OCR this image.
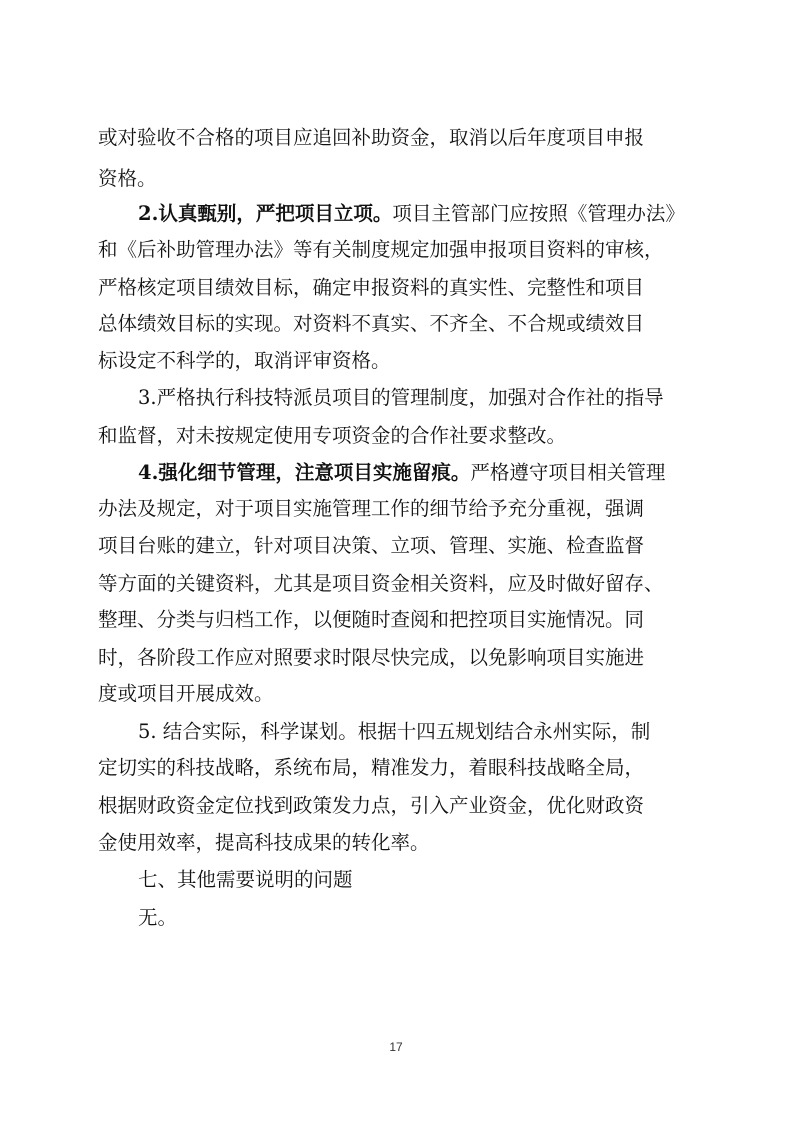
或对验收不合格的项目应追回补助资金，取消以后年度项目申报
资格。
2.认真甄别，严把项目立项。项目主管部门应按照《管理办法》
和《后补助管理办法》等有关制度规定加强申报项目资料的审核，
严格核定项目绩效目标，确定申报资料的真实性、完整性和项目
总体绩效目标的实现。对资料不真实、不齐全、不合规或绩效目
标设定不科学的，取消评审资格。
3.严格执行科技特派员项目的管理制度，加强对合作社的指导
和监督，对未按规定使用专项资金的合作社要求整改。
4.强化细节管理，注意项目实施留痕。严格遵守项目相关管理
办法及规定，对于项目实施管理工作的细节给予充分重视，强调
项目台账的建立，针对项目决策、立项、管理、实施、检查监督
等方面的关键资料，尤其是项目资金相关资料，应及时做好留存、
整理、分类与归档工作，以便随时查阅和把控项目实施情况。同
时，各阶段工作应对照要求时限尽快完成，以免影响项目实施进
度或项目开展成效。
5. 结合实际，科学谋划。根据十四五规划结合永州实际，制
定切实的科技战略，系统布局，精准发力，着眼科技战略全局，
根据财政资金定位找到政策发力点，引入产业资金，优化财政资
金使用效率，提高科技成果的转化率。
七、其他需要说明的问题
无。
17
